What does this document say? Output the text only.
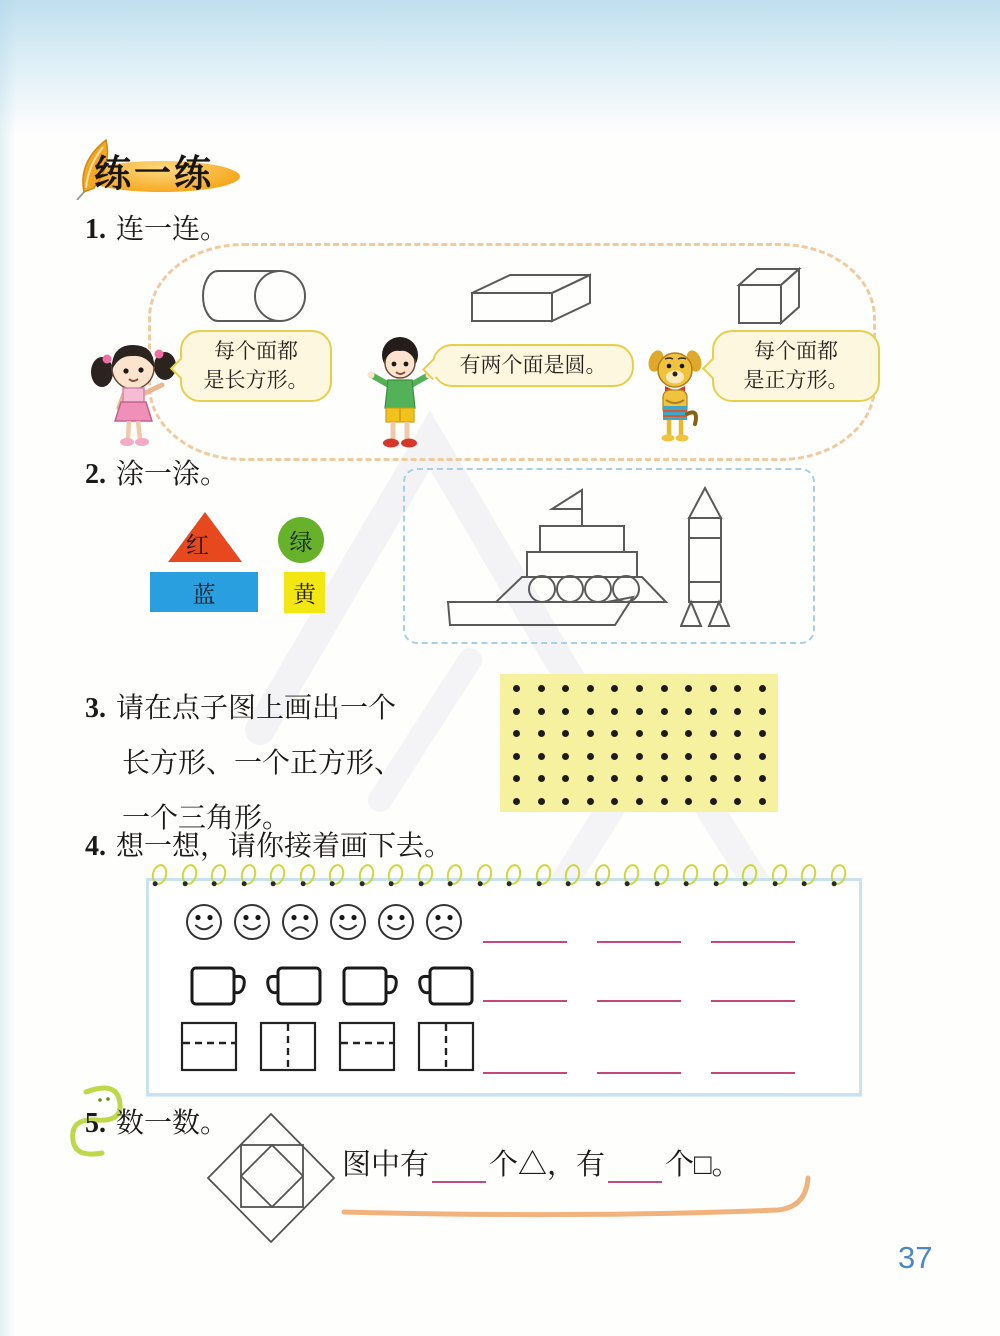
练一练
1. 连一连。
每个面都
是长方形。
有两个面是圆。
每个面都
是正方形。
2. 涂一涂。
红	绿
蓝	黄
3. 请在点子图上画出一个
长方形、一个正方形、
一个三角形。
4. 想一想，请你接着画下去。
5. 数一数。
图中有 个△，有 个□。
37
